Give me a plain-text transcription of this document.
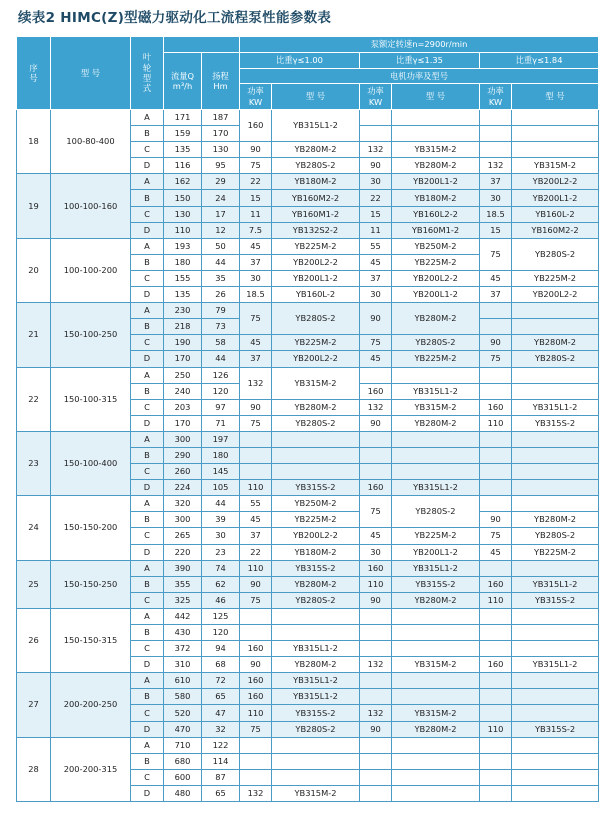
续表2 HIMC(Z)型磁力驱动化工流程泵性能参数表
序号	型 号	叶轮型式			泵额定转速n=2900r/min					
			流量Q m³/h	扬程 Hm	比重γ≤1.00		比重γ≤1.35		比重γ≤1.84	
					电机功率及型号					
					功率 KW	型 号	功率 KW	型 号	功率 KW	型 号
18	100-80-400	A	171	187	160	YB315L1-2				
		B	159	170						
		C	135	130	90	YB280M-2	132	YB315M-2		
		D	116	95	75	YB280S-2	90	YB280M-2	132	YB315M-2
19	100-100-160	A	162	29	22	YB180M-2	30	YB200L1-2	37	YB200L2-2
		B	150	24	15	YB160M2-2	22	YB180M-2	30	YB200L1-2
		C	130	17	11	YB160M1-2	15	YB160L2-2	18.5	YB160L-2
		D	110	12	7.5	YB132S2-2	11	YB160M1-2	15	YB160M2-2
20	100-100-200	A	193	50	45	YB225M-2	55	YB250M-2	75	YB280S-2
		B	180	44	37	YB200L2-2	45	YB225M-2		
		C	155	35	30	YB200L1-2	37	YB200L2-2	45	YB225M-2
		D	135	26	18.5	YB160L-2	30	YB200L1-2	37	YB200L2-2
21	150-100-250	A	230	79	75	YB280S-2	90	YB280M-2		
		B	218	73						
		C	190	58	45	YB225M-2	75	YB280S-2	90	YB280M-2
		D	170	44	37	YB200L2-2	45	YB225M-2	75	YB280S-2
22	150-100-315	A	250	126	132	YB315M-2				
		B	240	120			160	YB315L1-2		
		C	203	97	90	YB280M-2	132	YB315M-2	160	YB315L1-2
		D	170	71	75	YB280S-2	90	YB280M-2	110	YB315S-2
23	150-100-400	A	300	197						
		B	290	180						
		C	260	145						
		D	224	105	110	YB315S-2	160	YB315L1-2		
24	150-150-200	A	320	44	55	YB250M-2	75	YB280S-2		
		B	300	39	45	YB225M-2			90	YB280M-2
		C	265	30	37	YB200L2-2	45	YB225M-2	75	YB280S-2
		D	220	23	22	YB180M-2	30	YB200L1-2	45	YB225M-2
25	150-150-250	A	390	74	110	YB315S-2	160	YB315L1-2		
		B	355	62	90	YB280M-2	110	YB315S-2	160	YB315L1-2
		C	325	46	75	YB280S-2	90	YB280M-2	110	YB315S-2
26	150-150-315	A	442	125						
		B	430	120						
		C	372	94	160	YB315L1-2				
		D	310	68	90	YB280M-2	132	YB315M-2	160	YB315L1-2
27	200-200-250	A	610	72	160	YB315L1-2				
		B	580	65	160	YB315L1-2				
		C	520	47	110	YB315S-2	132	YB315M-2		
		D	470	32	75	YB280S-2	90	YB280M-2	110	YB315S-2
28	200-200-315	A	710	122						
		B	680	114						
		C	600	87						
		D	480	65	132	YB315M-2				
